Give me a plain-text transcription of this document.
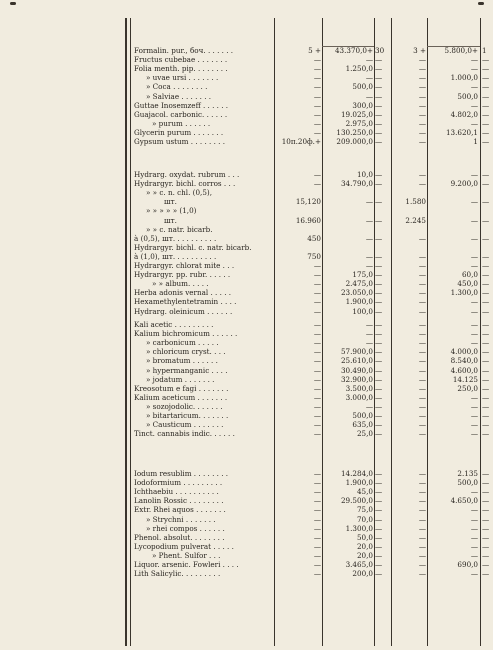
Formalin. pur., бoч. . . . . . .	5 +	43.370,0+ 30	3 +	5.800,0+ 1
Fructus cubebae . . . . . . .	—	— —	—	— —
Folia menth. pip. . . . . . . .	—	1.250,0 —	—	— —
» uvae ursi . . . . . . .	—	— —	—	1.000,0 —
» Coca . . . . . . . .	—	500,0 —	—	— —
» Salviae . . . . . . .	—	— —	—	500,0 —
Guttae Inosemzeff . . . . . .	—	300,0 —	—	— —
Guajacol. carbonic. . . . . .	—	19.025,0 —	—	4.802,0 —
» purum . . . . . .	—	2.975,0 —	—	— —
Glycerin purum . . . . . . .	—	130.250,0 —	—	13.620,1 —
Gypsum ustum . . . . . . . .	10п.20ф.+	209.000,0 —	—	1 —
Hydrarg. oxydat. rubrum . . .	—	10,0 —	—	— —
Hydrargyr. bichl. corros . . .	—	34.790,0 —	—	9.200,0 —
» » c. n. chl. (0,5),
шт.	15,120	— —	1.580	— —
» » » » » (1,0)
шт.	16.960	— —	2.245	— —
» » c. natr. bicarb.
à (0,5), шт. . . . . . . . . .	450	— —	—	— —
Hydrargyr. bichl. c. natr. bicarb.
à (1,0), шт. . . . . . . . . .	750	— —	—	— —
Hydrargyr. chlorat mite . . .	—	— —	—	— —
Hydrargyr. pp. rubr. . . . . .	—	175,0 —	—	60,0 —
» » album. . . . .	—	2.475,0 —	—	450,0 —
Herba adonis vernal . . . . .	—	23.050,0 —	—	1.300,0 —
Hexamethylentetramin . . . .	—	1.900,0 —	—	— —
Hydrarg. oleinicum . . . . . .	—	100,0 —	—	— —
Kali acetic . . . . . . . . .	—	— —	—	— —
Kalium bichromicum . . . . . .	—	— —	—	— —
» carbonicum . . . . .	—	— —	—	— —
» chloricum cryst. . . .	—	57.900,0 —	—	4.000,0 —
» bromatum . . . . . .	—	25.610,0 —	—	8.540,0 —
» hypermanganic . . . .	—	30.490,0 —	—	4.600,0 —
» jodatum . . . . . . .	—	32.900,0 —	—	14.125 —
Kreosotum e fagi . . . . . . .	—	3.500,0 —	—	250,0 —
Kalium aceticum . . . . . . .	—	3.000,0 —	—	— —
» sozojodolic. . . . . . .	—	— —	—	— —
» bitartaricum. . . . . . .	—	500,0 —	—	— —
» Causticum . . . . . . .	—	635,0 —	—	— —
Tinct. cannabis indic. . . . . .	—	25,0 —	—	— —
Iodum resublim . . . . . . . .	—	14.284,0 —	—	2.135 —
Iodoformium . . . . . . . . .	—	1.900,0 —	—	500,0 —
Ichthaebiu . . . . . . . . . .	—	45,0 —	—	— —
Lanolin Rossic . . . . . . . .	—	29.500,0 —	—	4.650,0 —
Extr. Rhei aquos . . . . . . .	—	75,0 —	—	— —
» Strychni . . . . . . .	—	70,0 —	—	— —
» rhei compos . . . . . .	—	1.300,0 —	—	— —
Phenol. absolut. . . . . . . .	—	50,0 —	—	— —
Lycopodium pulverat . . . . .	—	20,0 —	—	— —
» Phent. Sulfor . . .	—	20,0 —	—	— —
Liquor. arsenic. Fowleri . . . .	—	3.465,0 —	—	690,0 —
Lith Salicylic. . . . . . . . .	—	200,0 —	—	— —
